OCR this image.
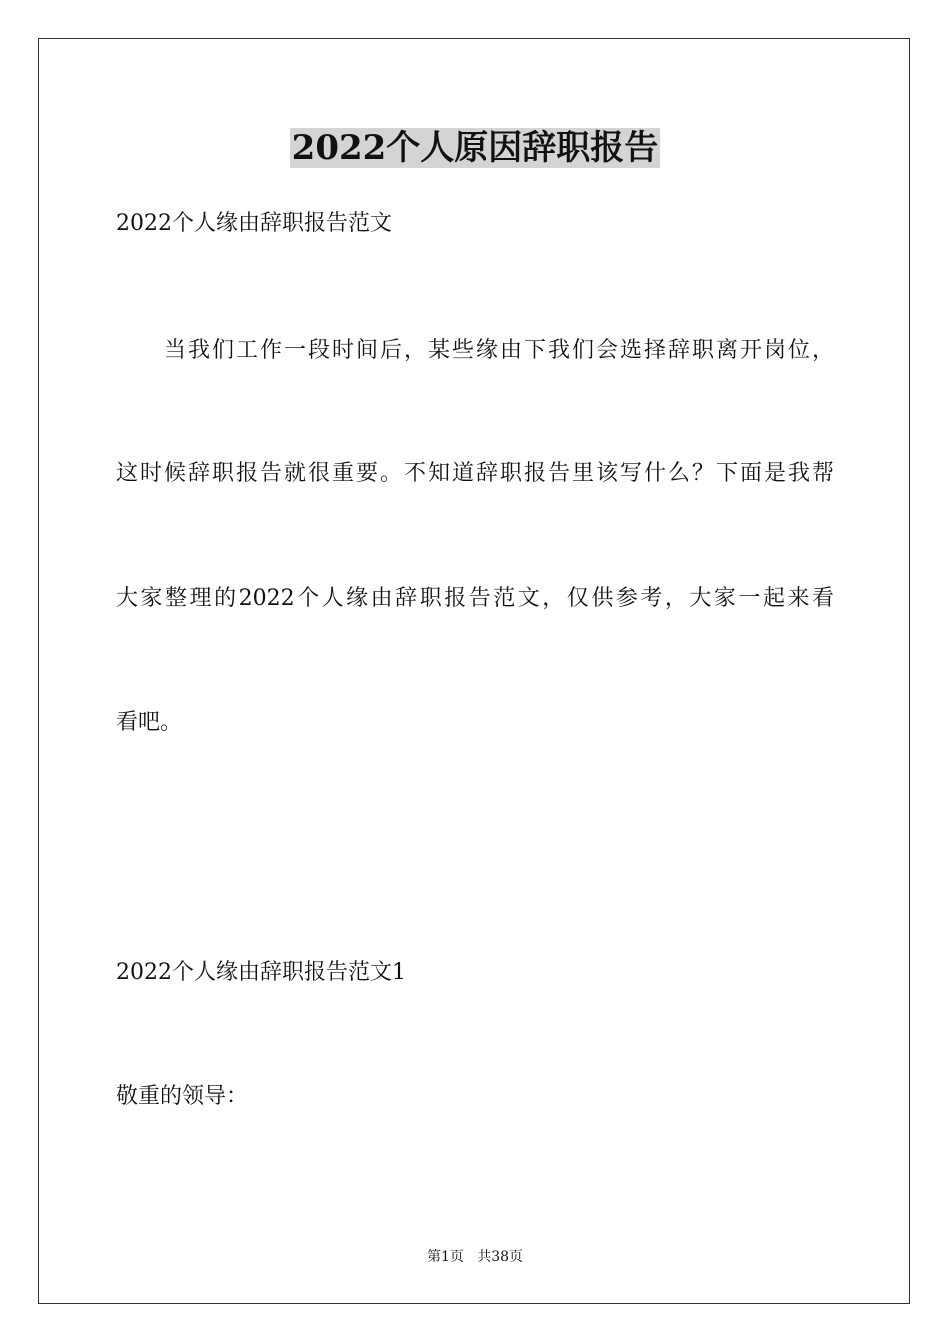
2022个人原因辞职报告
2022个人缘由辞职报告范文
当我们工作一段时间后，某些缘由下我们会选择辞职离开岗位，
这时候辞职报告就很重要。不知道辞职报告里该写什么？下面是我帮
大家整理的2022个人缘由辞职报告范文，仅供参考，大家一起来看
看吧。
2022个人缘由辞职报告范文1
敬重的领导：
第1页   共38页
